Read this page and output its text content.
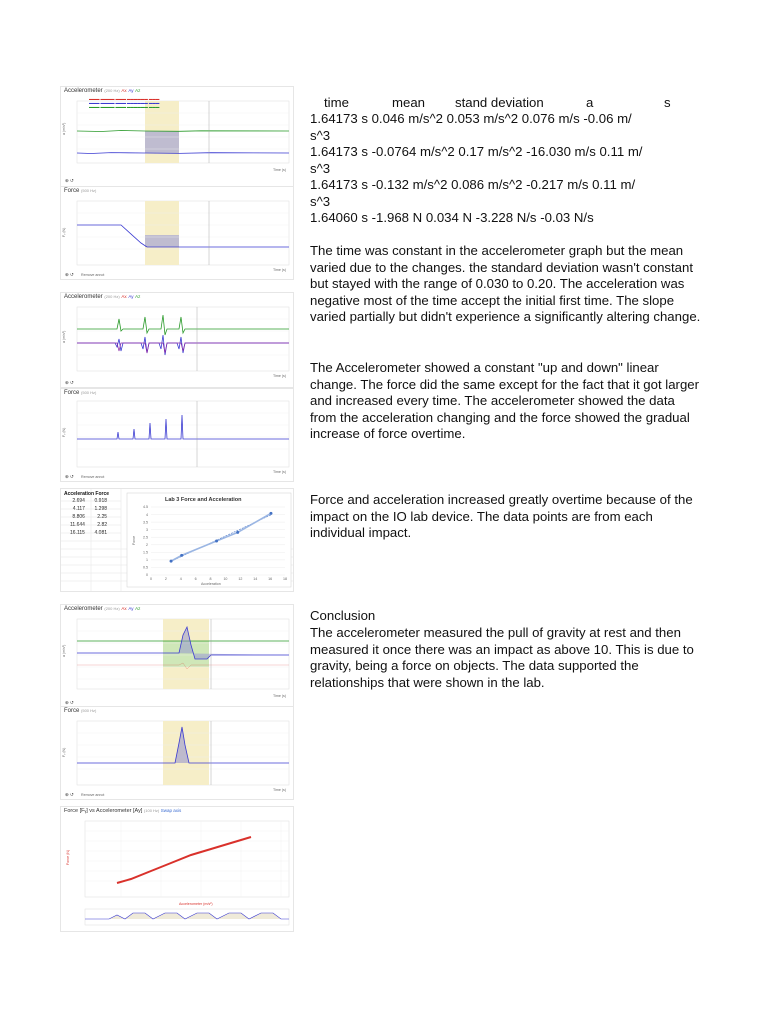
Accelerometer (200 Hz) Ax Ay Az
a (m/s²)
Time (s)
⊕ ↺
▬▬▬ ▬▬▬▬ ▬▬▬ ▬▬▬▬▬▬ ▬▬▬
▬▬▬ ▬▬▬▬ ▬▬▬ ▬▬▬▬▬▬ ▬▬▬
▬▬▬ ▬▬▬▬ ▬▬▬ ▬▬▬▬▬▬ ▬▬▬
Force (500 Hz)
Fᵧ (N)
Time (s)
⊕ ↺ Remove annot
Accelerometer (200 Hz) Ax Ay Az
a (m/s²)
Time (s)
⊕ ↺
Force (500 Hz)
Fᵧ (N)
Time (s)
⊕ ↺ Remove annot
Acceleration Force	
2.694	0.918
4.117	1.298
8.806	2.25
11.644	2.82
16.115	4.081
Lab 3 Force and Acceleration
0	2	4	6	8	10	12	14	16	18
0
0.5
1
1.5
2
2.5
3
3.5
4
4.5
Acceleration
Force
Accelerometer (200 Hz) Ax Ay Az
a (m/s²)
Time (s)
⊕ ↺
Force (500 Hz)
Fᵧ (N)
Time (s)
⊕ ↺ Remove annot
Force [Fᵧ] vs Accelerometer [Ay] (100 Hz) Swap axis
Accelerometer (m/s²)
Force (N)
time	mean stand deviation	a	s
1.64173 s 0.046 m/s^2 0.053 m/s^2 0.076 m/s -0.06 m/
s^3
1.64173 s -0.0764 m/s^2 0.17 m/s^2 -16.030 m/s 0.11 m/
s^3
1.64173 s -0.132 m/s^2 0.086 m/s^2 -0.217 m/s 0.11 m/
s^3
1.64060 s -1.968 N 0.034 N -3.228 N/s -0.03 N/s
The time was constant in the accelerometer graph but the mean varied due to the changes. the standard deviation wasn't constant but stayed with the range of 0.030 to 0.20. The acceleration was negative most of the time accept the initial first time. The slope varied partially but didn't experience a significantly altering change.
The Accelerometer showed a constant "up and down" linear change. The force did the same except for the fact that it got larger and increased every time. The accelerometer showed the data from the acceleration changing and the force showed the gradual increase of force overtime.
Force and acceleration increased greatly overtime because of the impact on the IO lab device. The data points are from each individual impact.
Conclusion
The accelerometer measured the pull of gravity at rest and then measured it once there was an impact as above 10. This is due to gravity, being a force on objects. The data supported the relationships that were shown in the lab.
